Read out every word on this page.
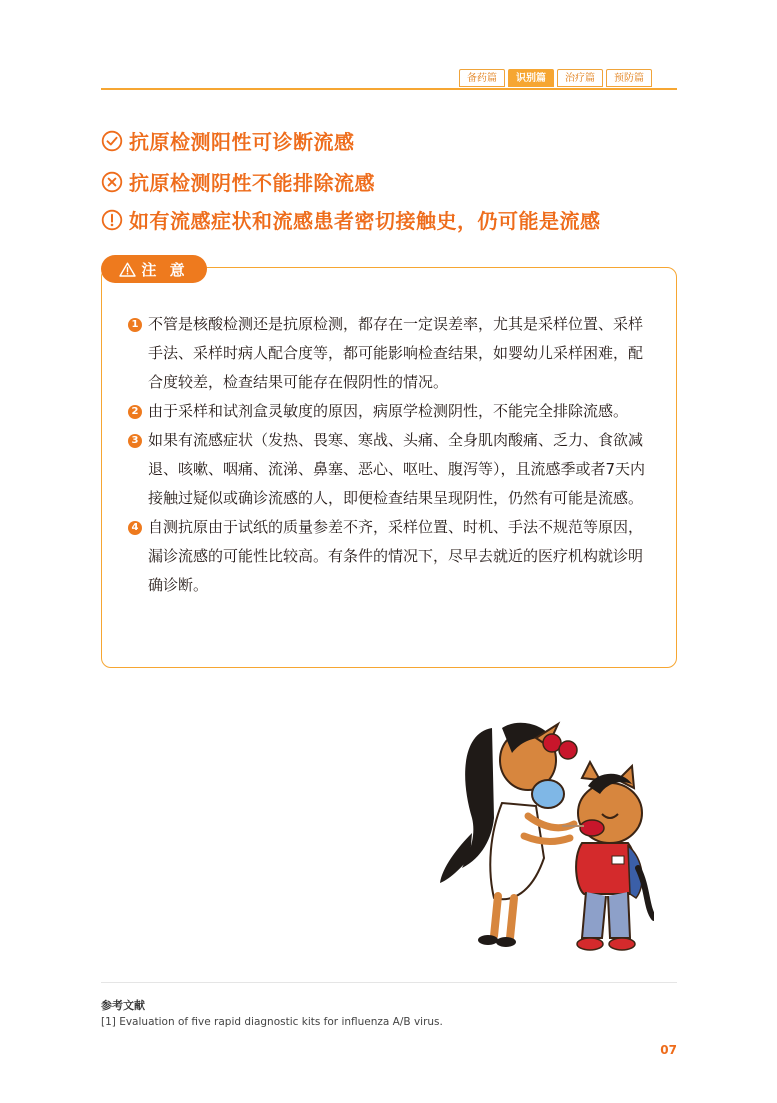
备药篇	识别篇	治疗篇	预防篇
抗原检测阳性可诊断流感
抗原检测阴性不能排除流感
如有流感症状和流感患者密切接触史，仍可能是流感
注 意
1 不管是核酸检测还是抗原检测，都存在一定误差率，尤其是采样位置、采样手法、采样时病人配合度等，都可能影响检查结果，如婴幼儿采样困难，配合度较差，检查结果可能存在假阴性的情况。

2 由于采样和试剂盒灵敏度的原因，病原学检测阴性，不能完全排除流感。

3 如果有流感症状（发热、畏寒、寒战、头痛、全身肌肉酸痛、乏力、食欲减退、咳嗽、咽痛、流涕、鼻塞、恶心、呕吐、腹泻等），且流感季或者7天内接触过疑似或确诊流感的人，即便检查结果呈现阴性，仍然有可能是流感。

4 自测抗原由于试纸的质量参差不齐，采样位置、时机、手法不规范等原因，漏诊流感的可能性比较高。有条件的情况下，尽早去就近的医疗机构就诊明确诊断。

参考文献
[1] Evaluation of five rapid diagnostic kits for influenza A/B virus.
07
